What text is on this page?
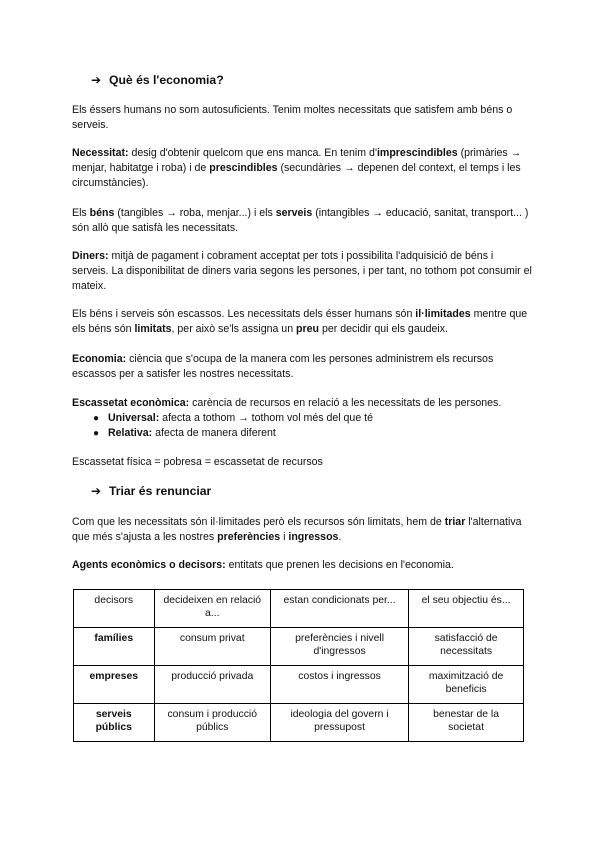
➔ Què és l'economia?
Els éssers humans no som autosuficients. Tenim moltes necessitats que satisfem amb béns o serveis.
Necessitat: desig d'obtenir quelcom que ens manca. En tenim d'imprescindibles (primàries → menjar, habitatge i roba) i de prescindibles (secundàries → depenen del context, el temps i les circumstàncies).
Els béns (tangibles → roba, menjar...) i els serveis (intangibles → educació, sanitat, transport... ) són allò que satisfà les necessitats.
Diners: mitjà de pagament i cobrament acceptat per tots i possibilita l'adquisició de béns i serveis. La disponibilitat de diners varia segons les persones, i per tant, no tothom pot consumir el mateix.
Els béns i serveis són escassos. Les necessitats dels ésser humans són il·limitades mentre que els béns són limitats, per això se'ls assigna un preu per decidir qui els gaudeix.
Economia: ciència que s'ocupa de la manera com les persones administrem els recursos escassos per a satisfer les nostres necessitats.
Escassetat econòmica: carència de recursos en relació a les necessitats de les persones.
● Universal: afecta a tothom → tothom vol més del que té
● Relativa: afecta de manera diferent
Escassetat física = pobresa = escassetat de recursos
➔ Triar és renunciar
Com que les necessitats són il·limitades però els recursos són limitats, hem de triar l'alternativa que més s'ajusta a les nostres preferències i ingressos.
Agents econòmics o decisors: entitats que prenen les decisions en l'economia.
decisors	decideixen en relació a...	estan condicionats per...	el seu objectiu és...
famílies	consum privat	preferències i nivell d'ingressos	satisfacció de necessitats
empreses	producció privada	costos i ingressos	maximització de beneficis
serveis públics	consum i producció públics	ideologia del govern i pressupost	benestar de la societat
